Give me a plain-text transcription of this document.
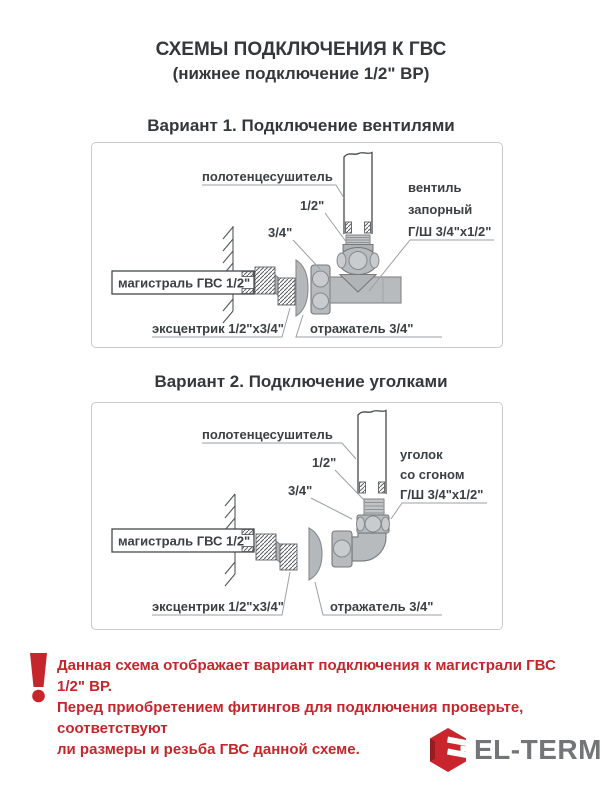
СХЕМЫ ПОДКЛЮЧЕНИЯ К ГВС
(нижнее подключение 1/2" ВР)
Вариант 1. Подключение вентилями
магистраль ГВС 1/2"
полотенцесушитель
1/2"
3/4"
вентиль
запорный
Г/Ш 3/4"х1/2"
эксцентрик 1/2"х3/4" отражатель 3/4"
Вариант 2. Подключение уголками
магистраль ГВС 1/2"
полотенцесушитель
1/2"
3/4"
уголок
со сгоном
Г/Ш 3/4"х1/2"
эксцентрик 1/2"х3/4"	отражатель 3/4"
Данная схема отображает вариант подключения к магистрали ГВС 1/2" ВР.
Перед приобретением фитингов для подключения проверьте, соответствуют
ли размеры и резьба ГВС данной схеме.	EL-TERM
